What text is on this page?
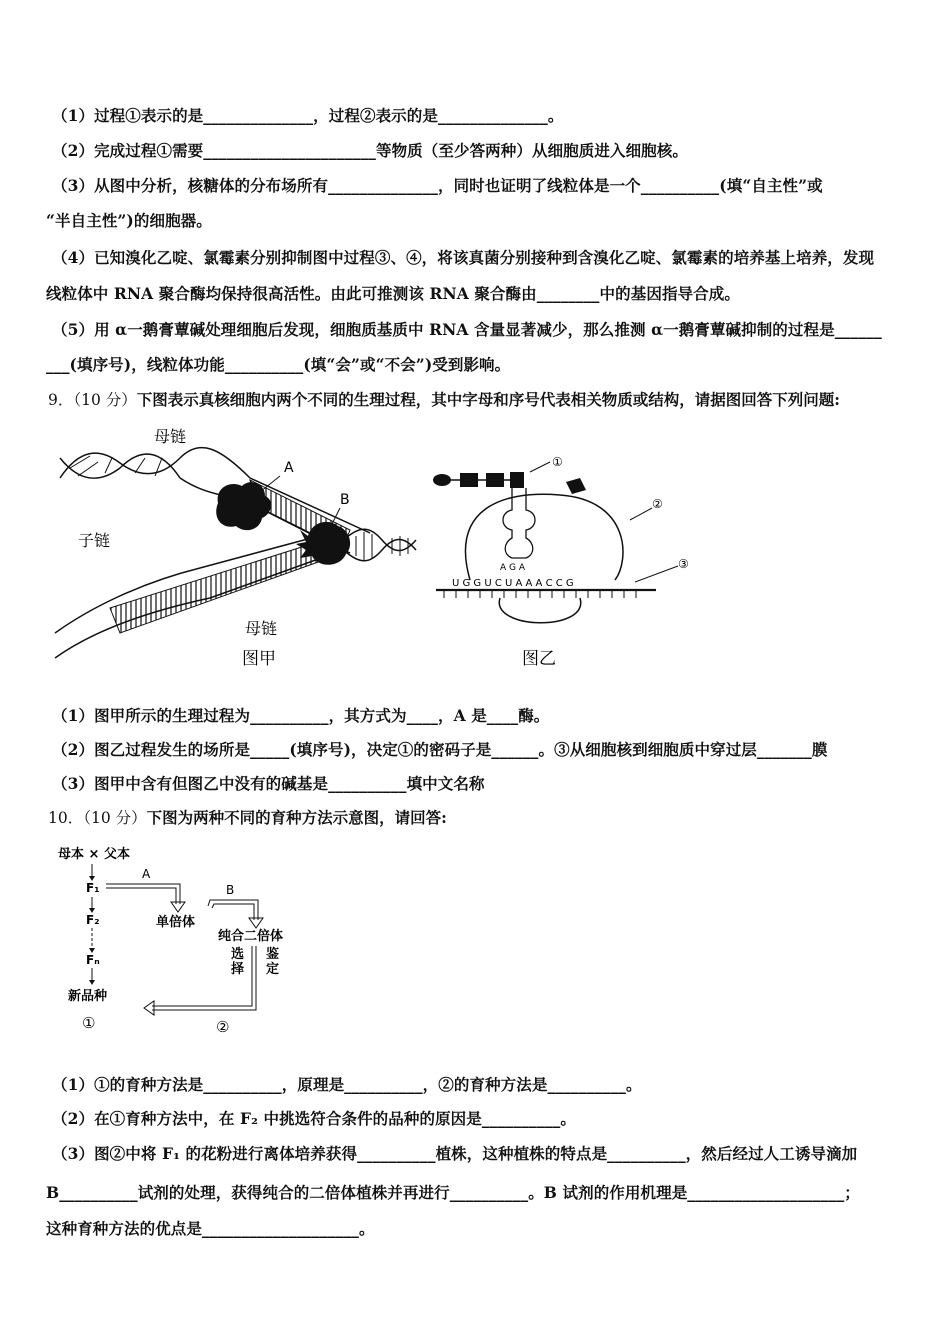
（1）过程①表示的是______________，过程②表示的是______________。
（2）完成过程①需要______________________等物质（至少答两种）从细胞质进入细胞核。
（3）从图中分析，核糖体的分布场所有______________，同时也证明了线粒体是一个__________(填“自主性”或
“半自主性”)的细胞器。
（4）已知溴化乙啶、氯霉素分别抑制图中过程③、④，将该真菌分别接种到含溴化乙啶、氯霉素的培养基上培养，发现
线粒体中 RNA 聚合酶均保持很高活性。由此可推测该 RNA 聚合酶由________中的基因指导合成。
（5）用 α一鹅膏蕈碱处理细胞后发现，细胞质基质中 RNA 含量显著减少，那么推测 α一鹅膏蕈碱抑制的过程是______
___(填序号)，线粒体功能__________(填“会”或“不会”)受到影响。
9．（10 分）下图表示真核细胞内两个不同的生理过程，其中字母和序号代表相关物质或结构，请据图回答下列问题:
母链
子链
母链
A
B
图甲
①
②
A G A
U G G U C U A A A C C G
③
图乙
（1）图甲所示的生理过程为__________，其方式为____，A 是____酶。
（2）图乙过程发生的场所是_____(填序号)，决定①的密码子是______。③从细胞核到细胞质中穿过层_______膜
（3）图甲中含有但图乙中没有的碱基是__________填中文名称
10．（10 分）下图为两种不同的育种方法示意图，请回答:
母本 × 父本
F₁
F₂
Fₙ
新品种
①
A
单倍体
B
纯合二倍体
选择
鉴定
②
（1）①的育种方法是__________，原理是__________，②的育种方法是__________。
（2）在①育种方法中，在 F₂ 中挑选符合条件的品种的原因是__________。
（3）图②中将 F₁ 的花粉进行离体培养获得__________植株，这种植株的特点是__________，然后经过人工诱导滴加
B__________试剂的处理，获得纯合的二倍体植株并再进行__________。B 试剂的作用机理是____________________；
这种育种方法的优点是____________________。
